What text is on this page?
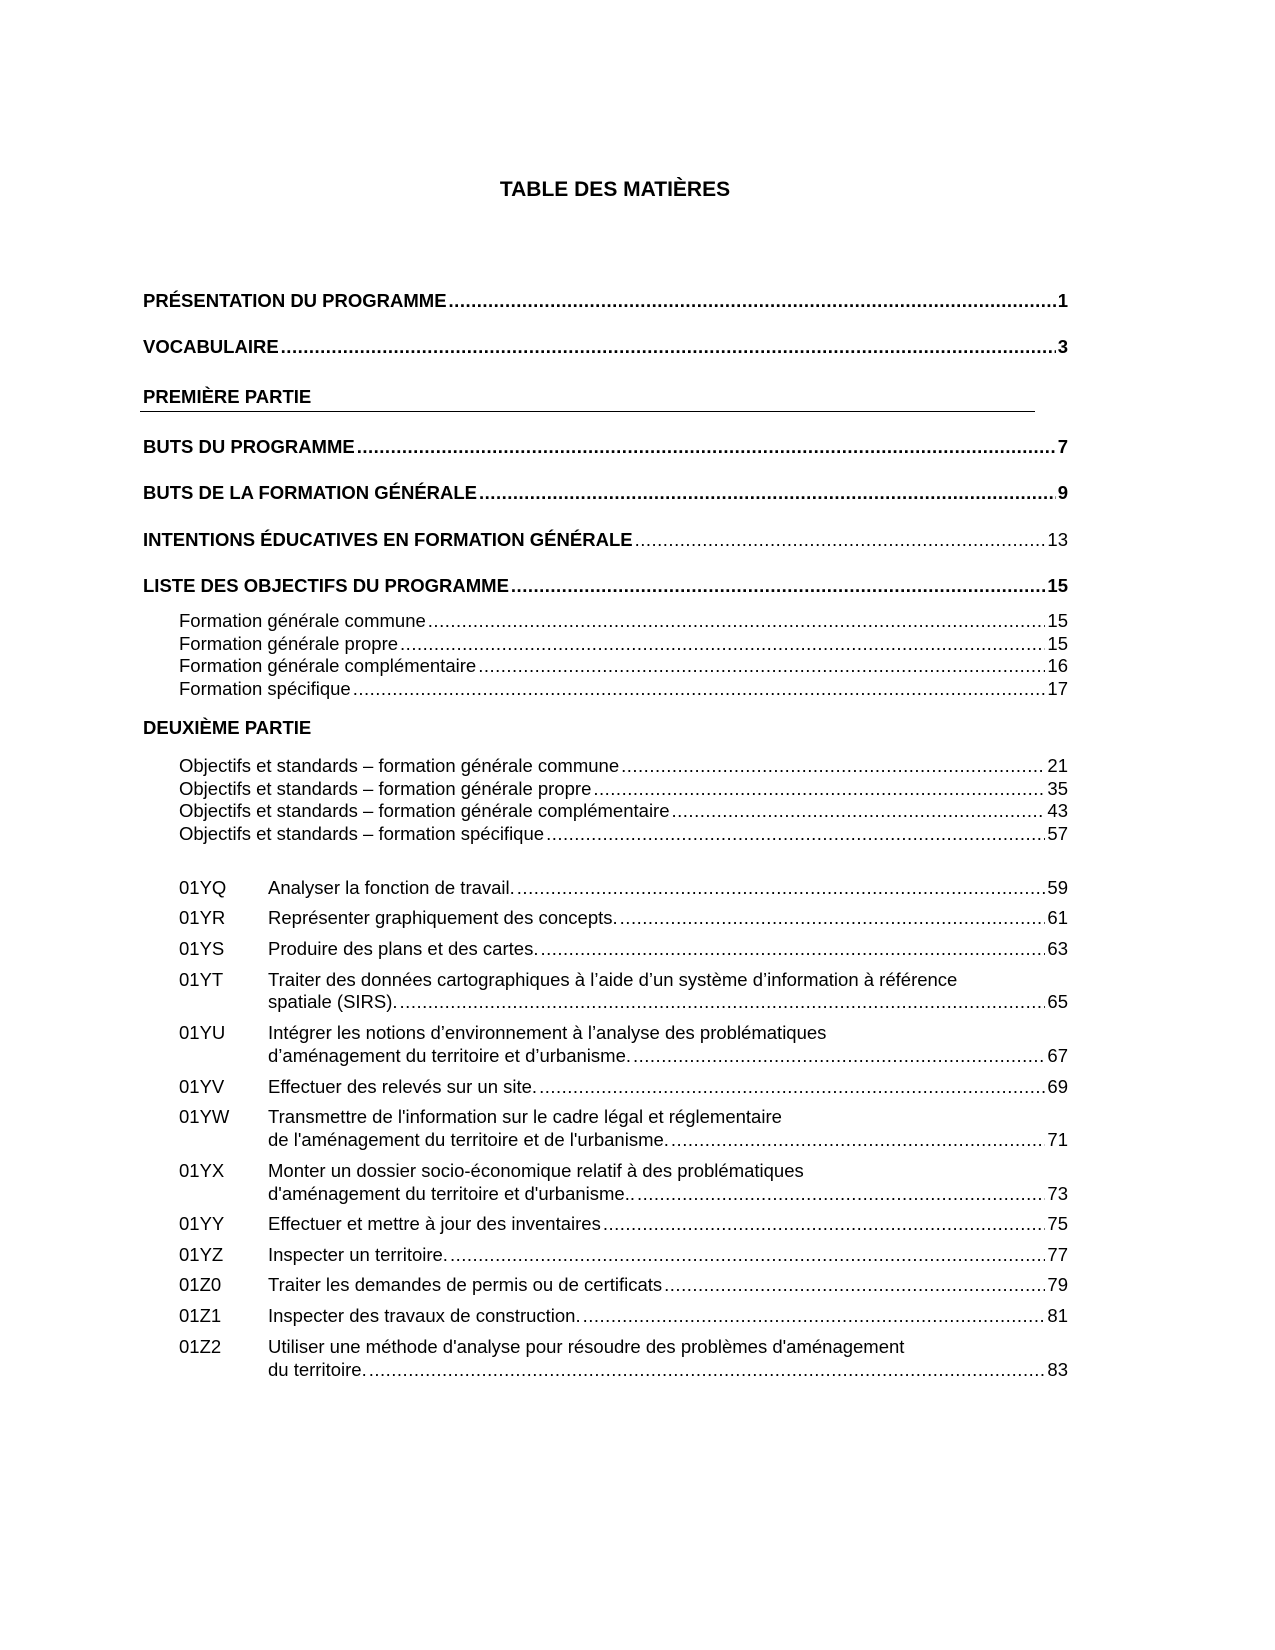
TABLE DES MATIÈRES
PRÉSENTATION DU PROGRAMME .....	1
VOCABULAIRE .....	3
PREMIÈRE PARTIE
BUTS DU PROGRAMME .....	7
BUTS DE LA FORMATION GÉNÉRALE .....	9
INTENTIONS ÉDUCATIVES EN FORMATION GÉNÉRALE .....	13
LISTE DES OBJECTIFS DU PROGRAMME .....	15
DEUXIÈME PARTIE
Formation générale commune .....	15
Formation générale propre .....	15
Formation générale complémentaire .....	16
Formation spécifique .....	17
Objectifs et standards – formation générale commune .....	21
Objectifs et standards – formation générale propre .....	35
Objectifs et standards – formation générale complémentaire .....	43
Objectifs et standards – formation spécifique .....	57
01YQ Analyser la fonction de travail. .....	59
01YR Représenter graphiquement des concepts. .....	61
01YS Produire des plans et des cartes. .....	63
01YT Traiter des données cartographiques à l’aide d’un système d’information à référence
spatiale (SIRS). .....	65
01YU Intégrer les notions d’environnement à l’analyse des problématiques
d’aménagement du territoire et d’urbanisme. .....	67
01YV Effectuer des relevés sur un site. .....	69
01YW Transmettre de l'information sur le cadre légal et réglementaire
de l'aménagement du territoire et de l'urbanisme. .....	71
01YX Monter un dossier socio-économique relatif à des problématiques
d'aménagement du territoire et d'urbanisme.. .....	73
01YY Effectuer et mettre à jour des inventaires .....	75
01YZ Inspecter un territoire. .....	77
01Z0	Traiter les demandes de permis ou de certificats .....	79
01Z1	Inspecter des travaux de construction. .....	81
01Z2	Utiliser une méthode d'analyse pour résoudre des problèmes d'aménagement
du territoire. .....	83
